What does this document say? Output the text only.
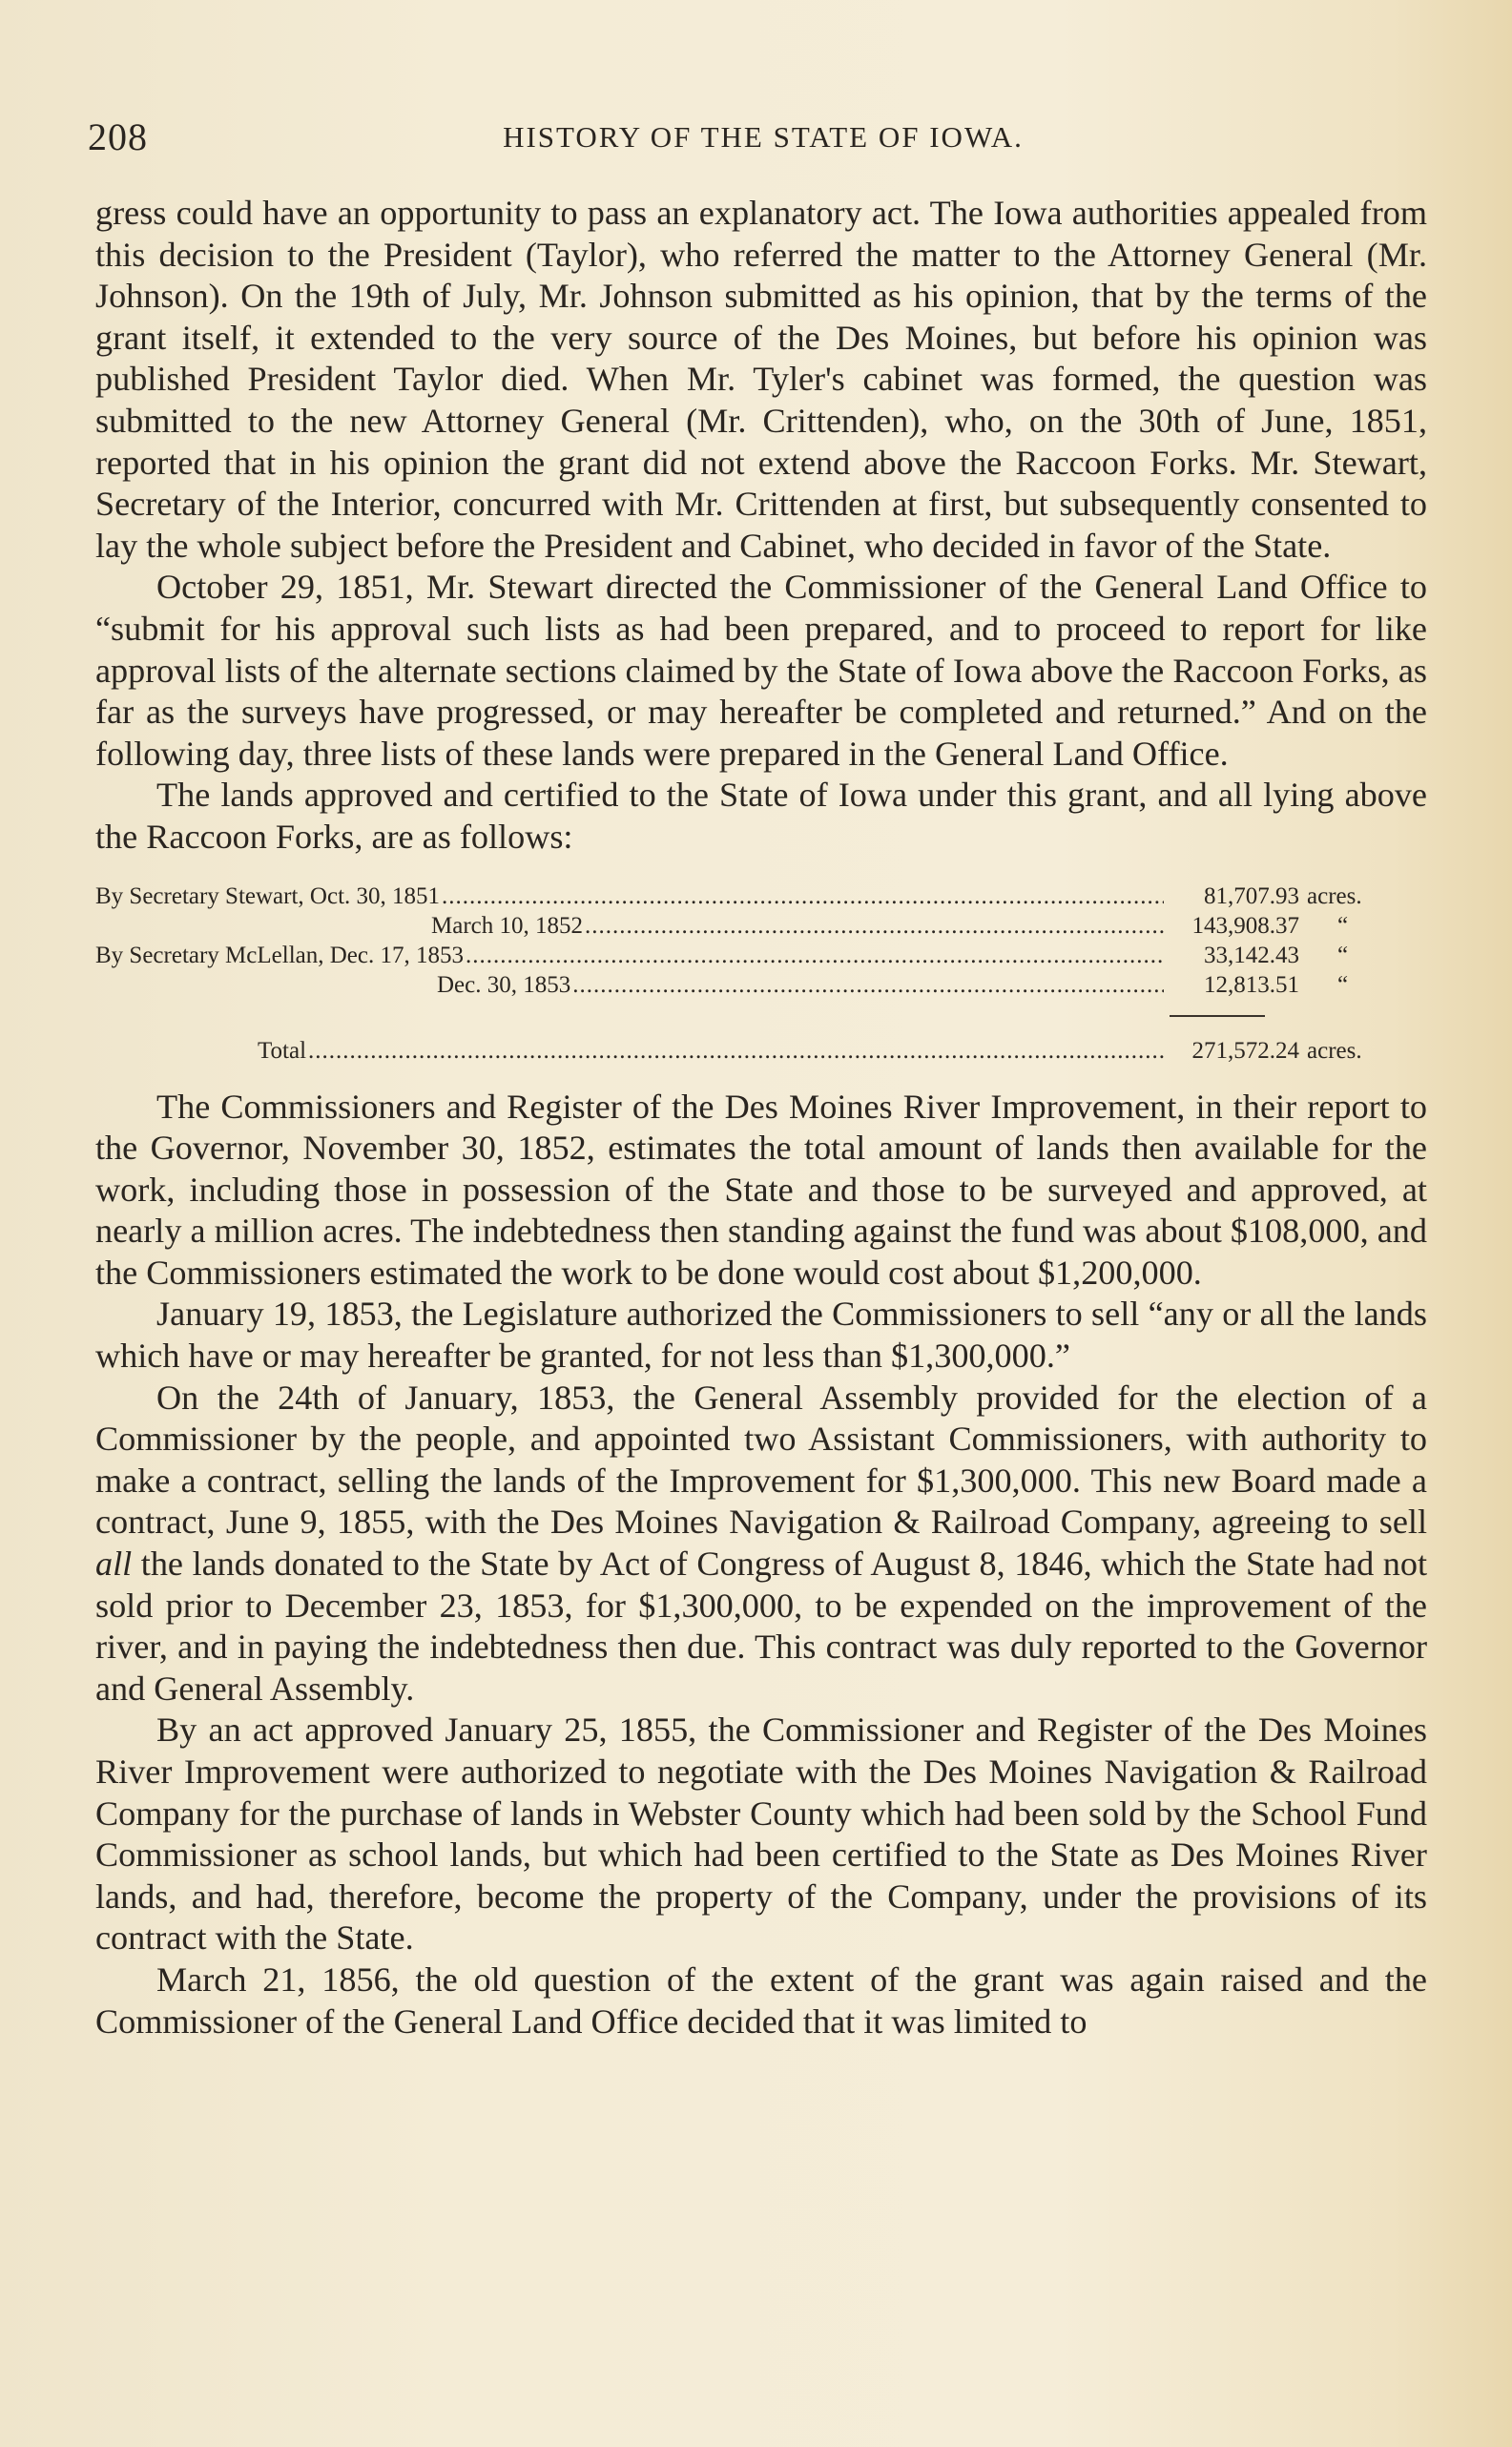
208	HISTORY OF THE STATE OF IOWA.

gress could have an opportunity to pass an explanatory act. The Iowa authorities appealed from this decision to the President (Taylor), who referred the matter to the Attorney General (Mr. Johnson). On the 19th of July, Mr. Johnson submitted as his opinion, that by the terms of the grant itself, it extended to the very source of the Des Moines, but before his opinion was published President Taylor died. When Mr. Tyler's cabinet was formed, the question was submitted to the new Attorney General (Mr. Crittenden), who, on the 30th of June, 1851, reported that in his opinion the grant did not extend above the Raccoon Forks. Mr. Stewart, Secretary of the Interior, concurred with Mr. Crittenden at first, but subsequently consented to lay the whole subject before the President and Cabinet, who decided in favor of the State.

October 29, 1851, Mr. Stewart directed the Commissioner of the General Land Office to “submit for his approval such lists as had been prepared, and to proceed to report for like approval lists of the alternate sections claimed by the State of Iowa above the Raccoon Forks, as far as the surveys have progressed, or may hereafter be completed and returned.” And on the following day, three lists of these lands were prepared in the General Land Office.

The lands approved and certified to the State of Iowa under this grant, and all lying above the Raccoon Forks, are as follows:

By Secretary Stewart, Oct. 30, 1851 .....	81,707.93 acres.
March 10, 1852 .....	143,908.37	“
By Secretary McLellan, Dec. 17, 1853 .....	33,142.43	“
Dec. 30, 1853 .....	12,813.51	“
Total .....	271,572.24 acres.

The Commissioners and Register of the Des Moines River Improvement, in their report to the Governor, November 30, 1852, estimates the total amount of lands then available for the work, including those in possession of the State and those to be surveyed and approved, at nearly a million acres. The indebtedness then standing against the fund was about $108,000, and the Commissioners estimated the work to be done would cost about $1,200,000.

January 19, 1853, the Legislature authorized the Commissioners to sell “any or all the lands which have or may hereafter be granted, for not less than $1,300,000.”

On the 24th of January, 1853, the General Assembly provided for the election of a Commissioner by the people, and appointed two Assistant Commissioners, with authority to make a contract, selling the lands of the Improvement for $1,300,000. This new Board made a contract, June 9, 1855, with the Des Moines Navigation & Railroad Company, agreeing to sell all the lands donated to the State by Act of Congress of August 8, 1846, which the State had not sold prior to December 23, 1853, for $1,300,000, to be expended on the improvement of the river, and in paying the indebtedness then due. This contract was duly reported to the Governor and General Assembly.

By an act approved January 25, 1855, the Commissioner and Register of the Des Moines River Improvement were authorized to negotiate with the Des Moines Navigation & Railroad Company for the purchase of lands in Webster County which had been sold by the School Fund Commissioner as school lands, but which had been certified to the State as Des Moines River lands, and had, therefore, become the property of the Company, under the provisions of its contract with the State.

March 21, 1856, the old question of the extent of the grant was again raised and the Commissioner of the General Land Office decided that it was limited to
